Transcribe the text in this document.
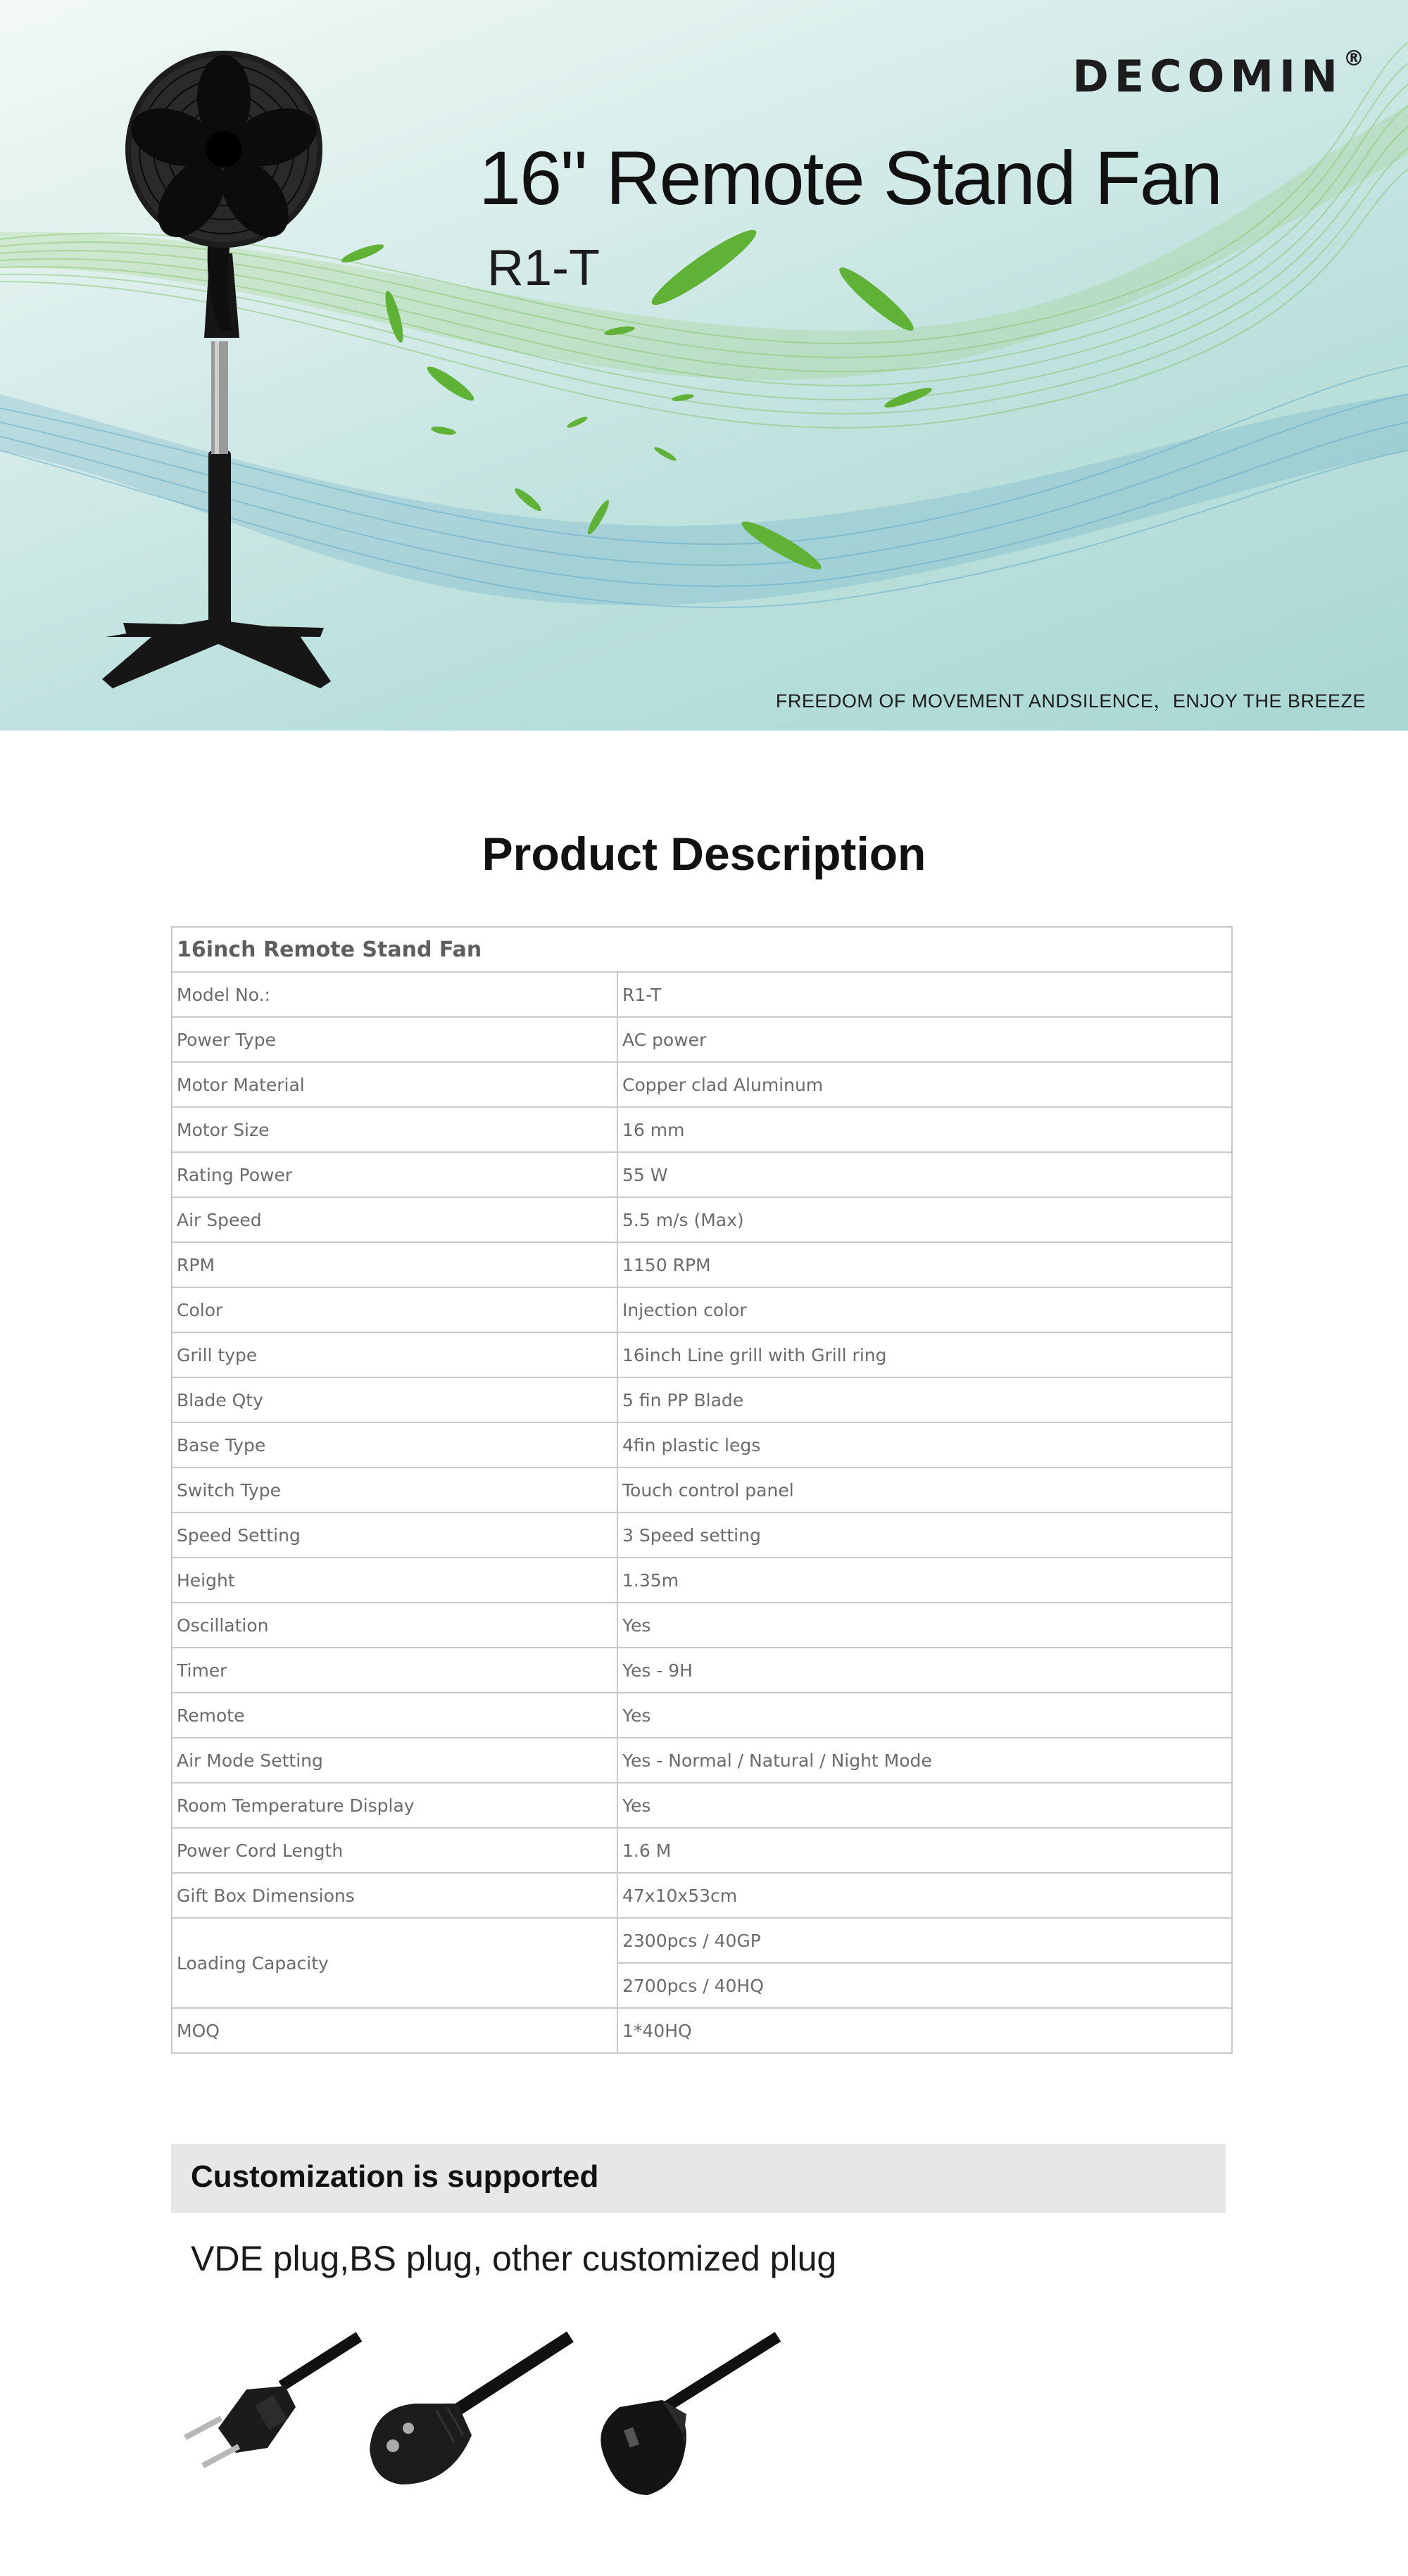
DECOMIN®
16" Remote Stand Fan
R1-T
FREEDOM OF MOVEMENT ANDSILENCE，ENJOY THE BREEZE
Product Description
16inch Remote Stand Fan	
Model No.:	R1-T
Power Type	AC power
Motor Material	Copper clad Aluminum
Motor Size	16 mm
Rating Power	55 W
Air Speed	5.5 m/s (Max)
RPM	1150 RPM
Color	Injection color
Grill type	16inch Line grill with Grill ring
Blade Qty	5 fin PP Blade
Base Type	4fin plastic legs
Switch Type	Touch control panel
Speed Setting	3 Speed setting
Height	1.35m
Oscillation	Yes
Timer	Yes - 9H
Remote	Yes
Air Mode Setting	Yes - Normal / Natural / Night Mode
Room Temperature Display	Yes
Power Cord Length	1.6 M
Gift Box Dimensions	47x10x53cm
Loading Capacity	2300pcs / 40GP
	2700pcs / 40HQ
MOQ	1*40HQ
Customization is supported
VDE plug,BS plug, other customized plug
